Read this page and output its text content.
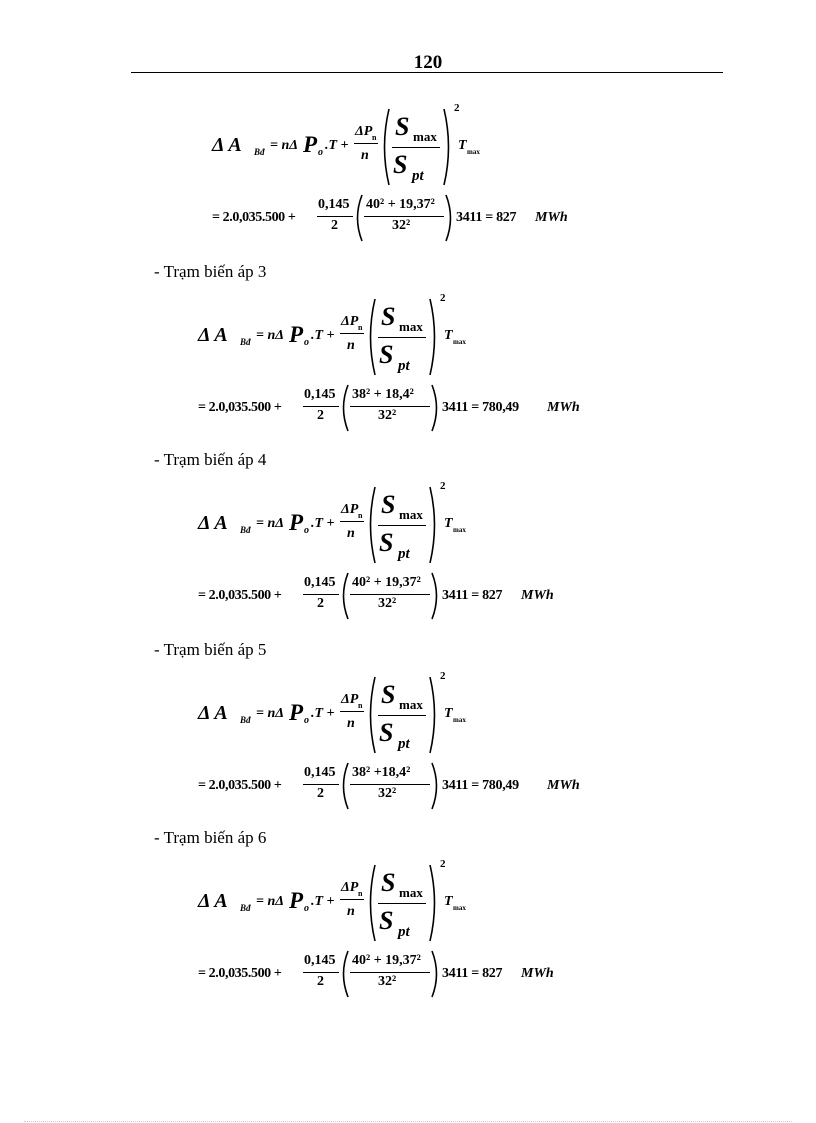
120
Δ A Bđ = nΔ P o .T +
ΔP n
n
S max
S pt
2
T max
= 2.0,035.500 +
0,145
2
40² + 19,37²
32²
3411 = 827 MWh
- Trạm biến áp 3
Δ A Bđ = nΔ P o .T +
ΔP n
n
S max
S pt
2
T max
= 2.0,035.500 +
0,145
2
38² + 18,4²
32²
3411 = 780,49 MWh
- Trạm biến áp 4
Δ A Bđ = nΔ P o .T +
ΔP n
n
S max
S pt
2
T max
= 2.0,035.500 +
0,145
2
40² + 19,37²
32²
3411 = 827 MWh
- Trạm biến áp 5
Δ A Bđ = nΔ P o .T +
ΔP n
n
S max
S pt
2
T max
= 2.0,035.500 +
0,145
2
38² +18,4²
32²
3411 = 780,49 MWh
- Trạm biến áp 6
Δ A Bđ = nΔ P o .T +
ΔP n
n
S max
S pt
2
T max
= 2.0,035.500 +
0,145
2
40² + 19,37²
32²
3411 = 827 MWh
